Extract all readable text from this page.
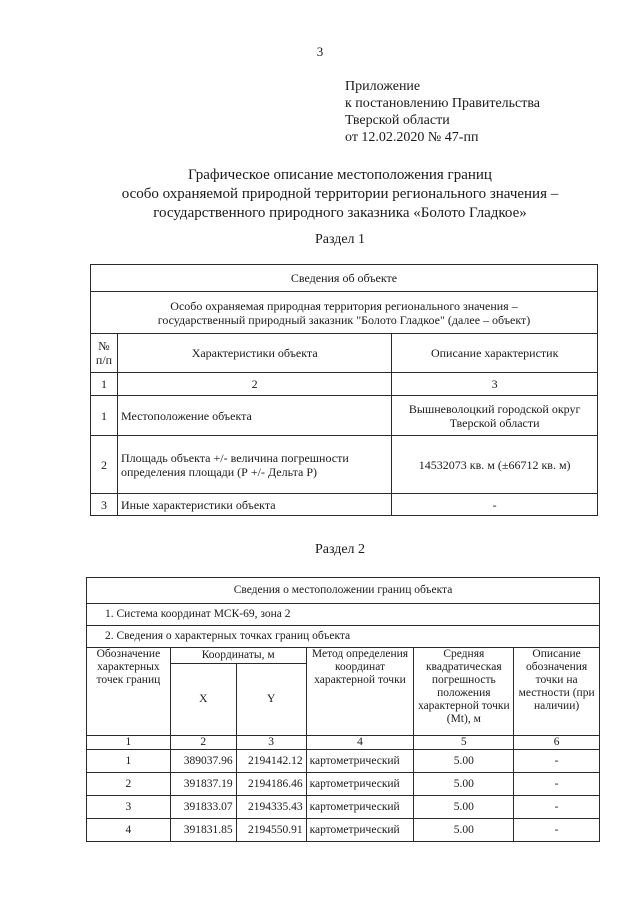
3
Приложение
к постановлению Правительства
Тверской области
от 12.02.2020 № 47-пп
Графическое описание местоположения границ
особо охраняемой природной территории регионального значения –
государственного природного заказника «Болото Гладкое»
Раздел 1
Сведения об объекте		

Особо охраняемая природная территория регионального значения –
государственный природный заказник "Болото Гладкое" (далее – объект)		

№ п/п	Характеристики объекта	Описание характеристик
1	2	3
1	Местоположение объекта	Вышневолоцкий городской округ Тверской области
2	Площадь объекта +/- величина погрешности определения площади (Р +/- Дельта Р)	14532073 кв. м (±66712 кв. м)
3	Иные характеристики объекта	-
Раздел 2
Сведения о местоположении границ объекта					
1. Система координат МСК-69, зона 2					
2. Сведения о характерных точках границ объекта					
Обозначение характерных точек границ	Координаты, м		Метод определения координат характерной точки	Средняя квадратическая погрешность положения характерной точки (Mt), м	Описание обозначения точки на местности (при наличии)
	X	Y			
1	2	3	4	5	6
1	389037.96	2194142.12	картометрический	5.00	-
2	391837.19	2194186.46	картометрический	5.00	-
3	391833.07	2194335.43	картометрический	5.00	-
4	391831.85	2194550.91	картометрический	5.00	-
